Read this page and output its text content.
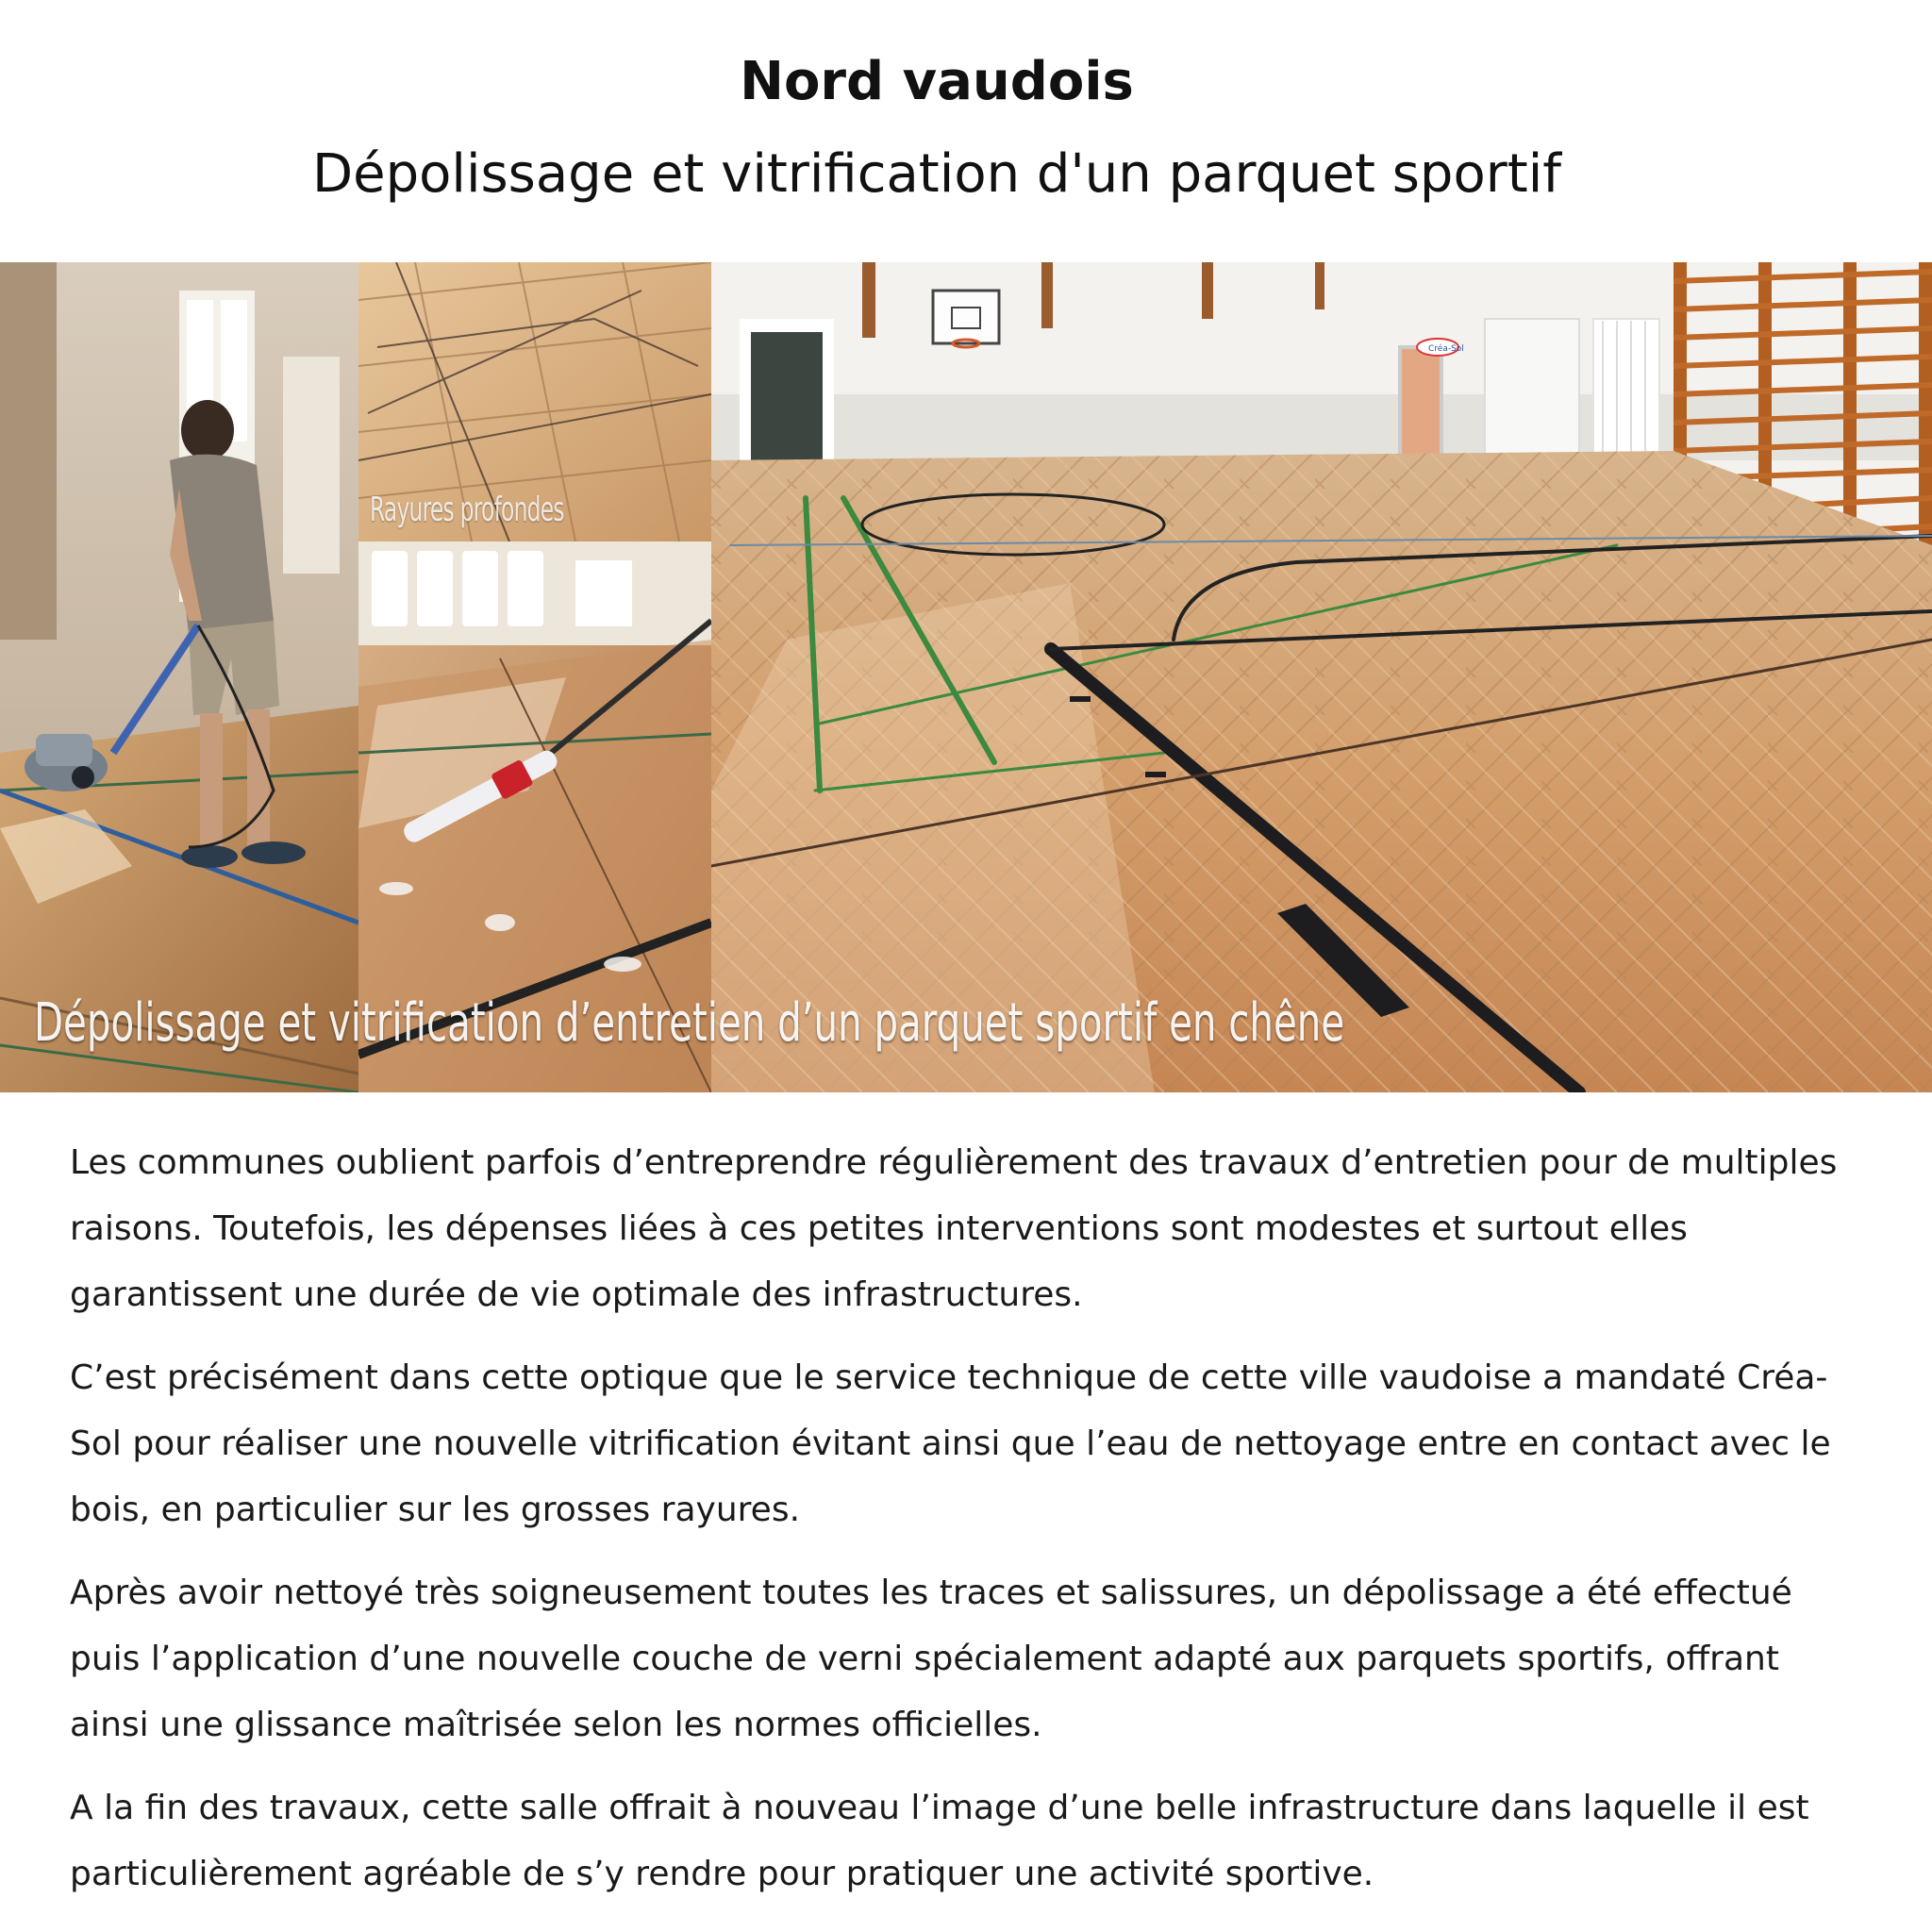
Nord vaudois
Dépolissage et vitrification d'un parquet sportif
Créa-Sol
Rayures profondes
Dépolissage et vitrification d’entretien d’un parquet sportif en chêne

Les communes oublient parfois d’entreprendre régulièrement des travaux d’entretien pour de multiples raisons. Toutefois, les dépenses liées à ces petites interventions sont modestes et surtout elles garantissent une durée de vie optimale des infrastructures.

C’est précisément dans cette optique que le service technique de cette ville vaudoise a mandaté Créa-Sol pour réaliser une nouvelle vitrification évitant ainsi que l’eau de nettoyage entre en contact avec le bois, en particulier sur les grosses rayures.

Après avoir nettoyé très soigneusement toutes les traces et salissures, un dépolissage a été effectué puis l’application d’une nouvelle couche de verni spécialement adapté aux parquets sportifs, offrant ainsi une glissance maîtrisée selon les normes officielles.

A la fin des travaux, cette salle offrait à nouveau l’image d’une belle infrastructure dans laquelle il est particulièrement agréable de s’y rendre pour pratiquer une activité sportive.
